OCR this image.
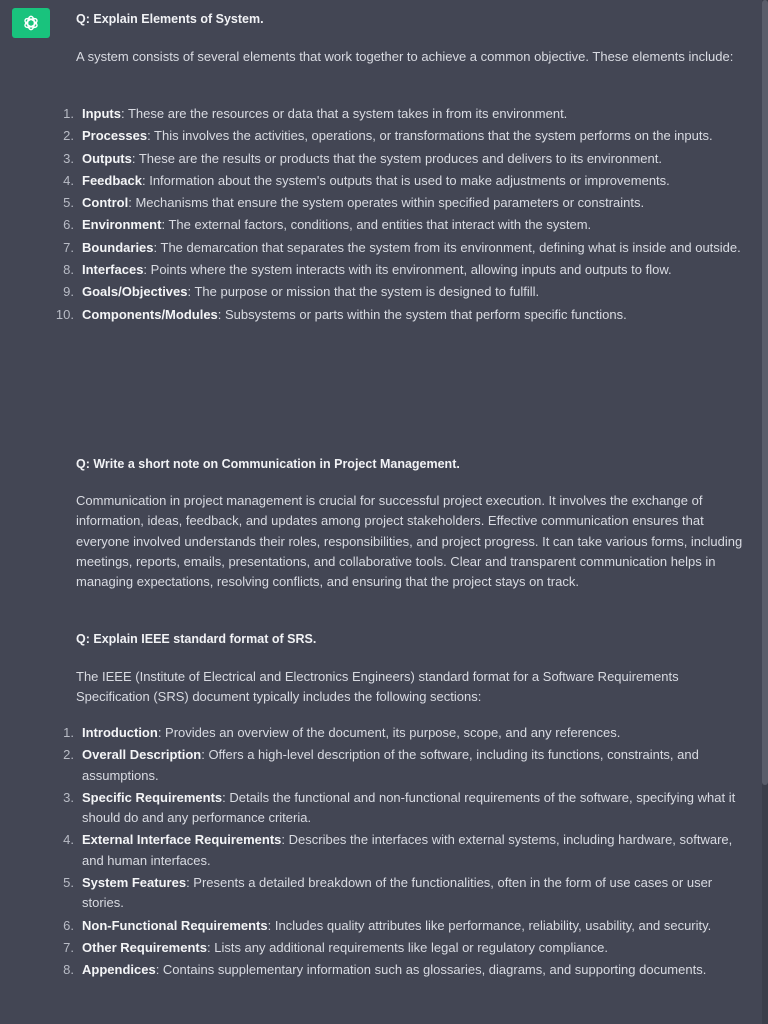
Q: Explain Elements of System.
A system consists of several elements that work together to achieve a common objective. These elements include:
1. Inputs: These are the resources or data that a system takes in from its environment.
2. Processes: This involves the activities, operations, or transformations that the system performs on the inputs.
3. Outputs: These are the results or products that the system produces and delivers to its environment.
4. Feedback: Information about the system's outputs that is used to make adjustments or improvements.
5. Control: Mechanisms that ensure the system operates within specified parameters or constraints.
6. Environment: The external factors, conditions, and entities that interact with the system.
7. Boundaries: The demarcation that separates the system from its environment, defining what is inside and outside.
8. Interfaces: Points where the system interacts with its environment, allowing inputs and outputs to flow.
9. Goals/Objectives: The purpose or mission that the system is designed to fulfill.
10. Components/Modules: Subsystems or parts within the system that perform specific functions.
Q: Write a short note on Communication in Project Management.
Communication in project management is crucial for successful project execution. It involves the exchange of information, ideas, feedback, and updates among project stakeholders. Effective communication ensures that everyone involved understands their roles, responsibilities, and project progress. It can take various forms, including meetings, reports, emails, presentations, and collaborative tools. Clear and transparent communication helps in managing expectations, resolving conflicts, and ensuring that the project stays on track.
Q: Explain IEEE standard format of SRS.
The IEEE (Institute of Electrical and Electronics Engineers) standard format for a Software Requirements Specification (SRS) document typically includes the following sections:
1. Introduction: Provides an overview of the document, its purpose, scope, and any references.
2. Overall Description: Offers a high-level description of the software, including its functions, constraints, and assumptions.
3. Specific Requirements: Details the functional and non-functional requirements of the software, specifying what it should do and any performance criteria.
4. External Interface Requirements: Describes the interfaces with external systems, including hardware, software, and human interfaces.
5. System Features: Presents a detailed breakdown of the functionalities, often in the form of use cases or user stories.
6. Non-Functional Requirements: Includes quality attributes like performance, reliability, usability, and security.
7. Other Requirements: Lists any additional requirements like legal or regulatory compliance.
8. Appendices: Contains supplementary information such as glossaries, diagrams, and supporting documents.
